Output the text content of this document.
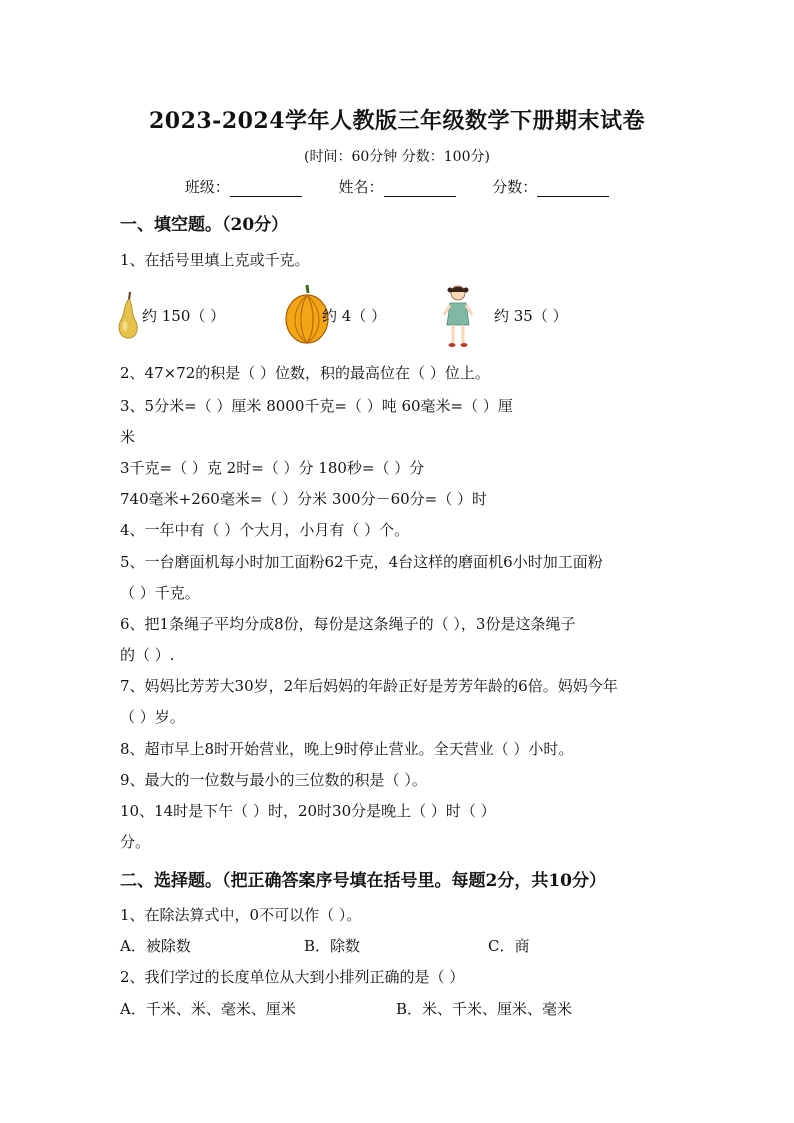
2023-2024学年人教版三年级数学下册期末试卷
(时间：60分钟 分数：100分)
班级：	姓名：	分数：
一、填空题。（20分）
1、在括号里填上克或千克。
约 150（ ）	约 4（ ）	约 35（ ）
2、47×72的积是（ ）位数，积的最高位在（ ）位上。
3、5分米=（ ）厘米 8000千克=（ ）吨 60毫米=（ ）厘
米
3千克=（ ）克 2时=（ ）分 180秒=（ ）分
740毫米+260毫米=（ ）分米 300分－60分=（ ）时
4、一年中有（ ）个大月，小月有（ ）个。
5、一台磨面机每小时加工面粉62千克，4台这样的磨面机6小时加工面粉
（ ）千克。
6、把1条绳子平均分成8份，每份是这条绳子的（ ），3份是这条绳子
的（ ）.
7、妈妈比芳芳大30岁，2年后妈妈的年龄正好是芳芳年龄的6倍。妈妈今年
（ ）岁。
8、超市早上8时开始营业，晚上9时停止营业。全天营业（ ）小时。
9、最大的一位数与最小的三位数的积是（ ）。
10、14时是下午（ ）时，20时30分是晚上（ ）时（ ）
分。
二、选择题。（把正确答案序号填在括号里。每题2分，共10分）
1、在除法算式中，0不可以作（ ）。
A．被除数	B．除数	C．商
2、我们学过的长度单位从大到小排列正确的是（ ）
A．千米、米、毫米、厘米	B．米、千米、厘米、毫米
